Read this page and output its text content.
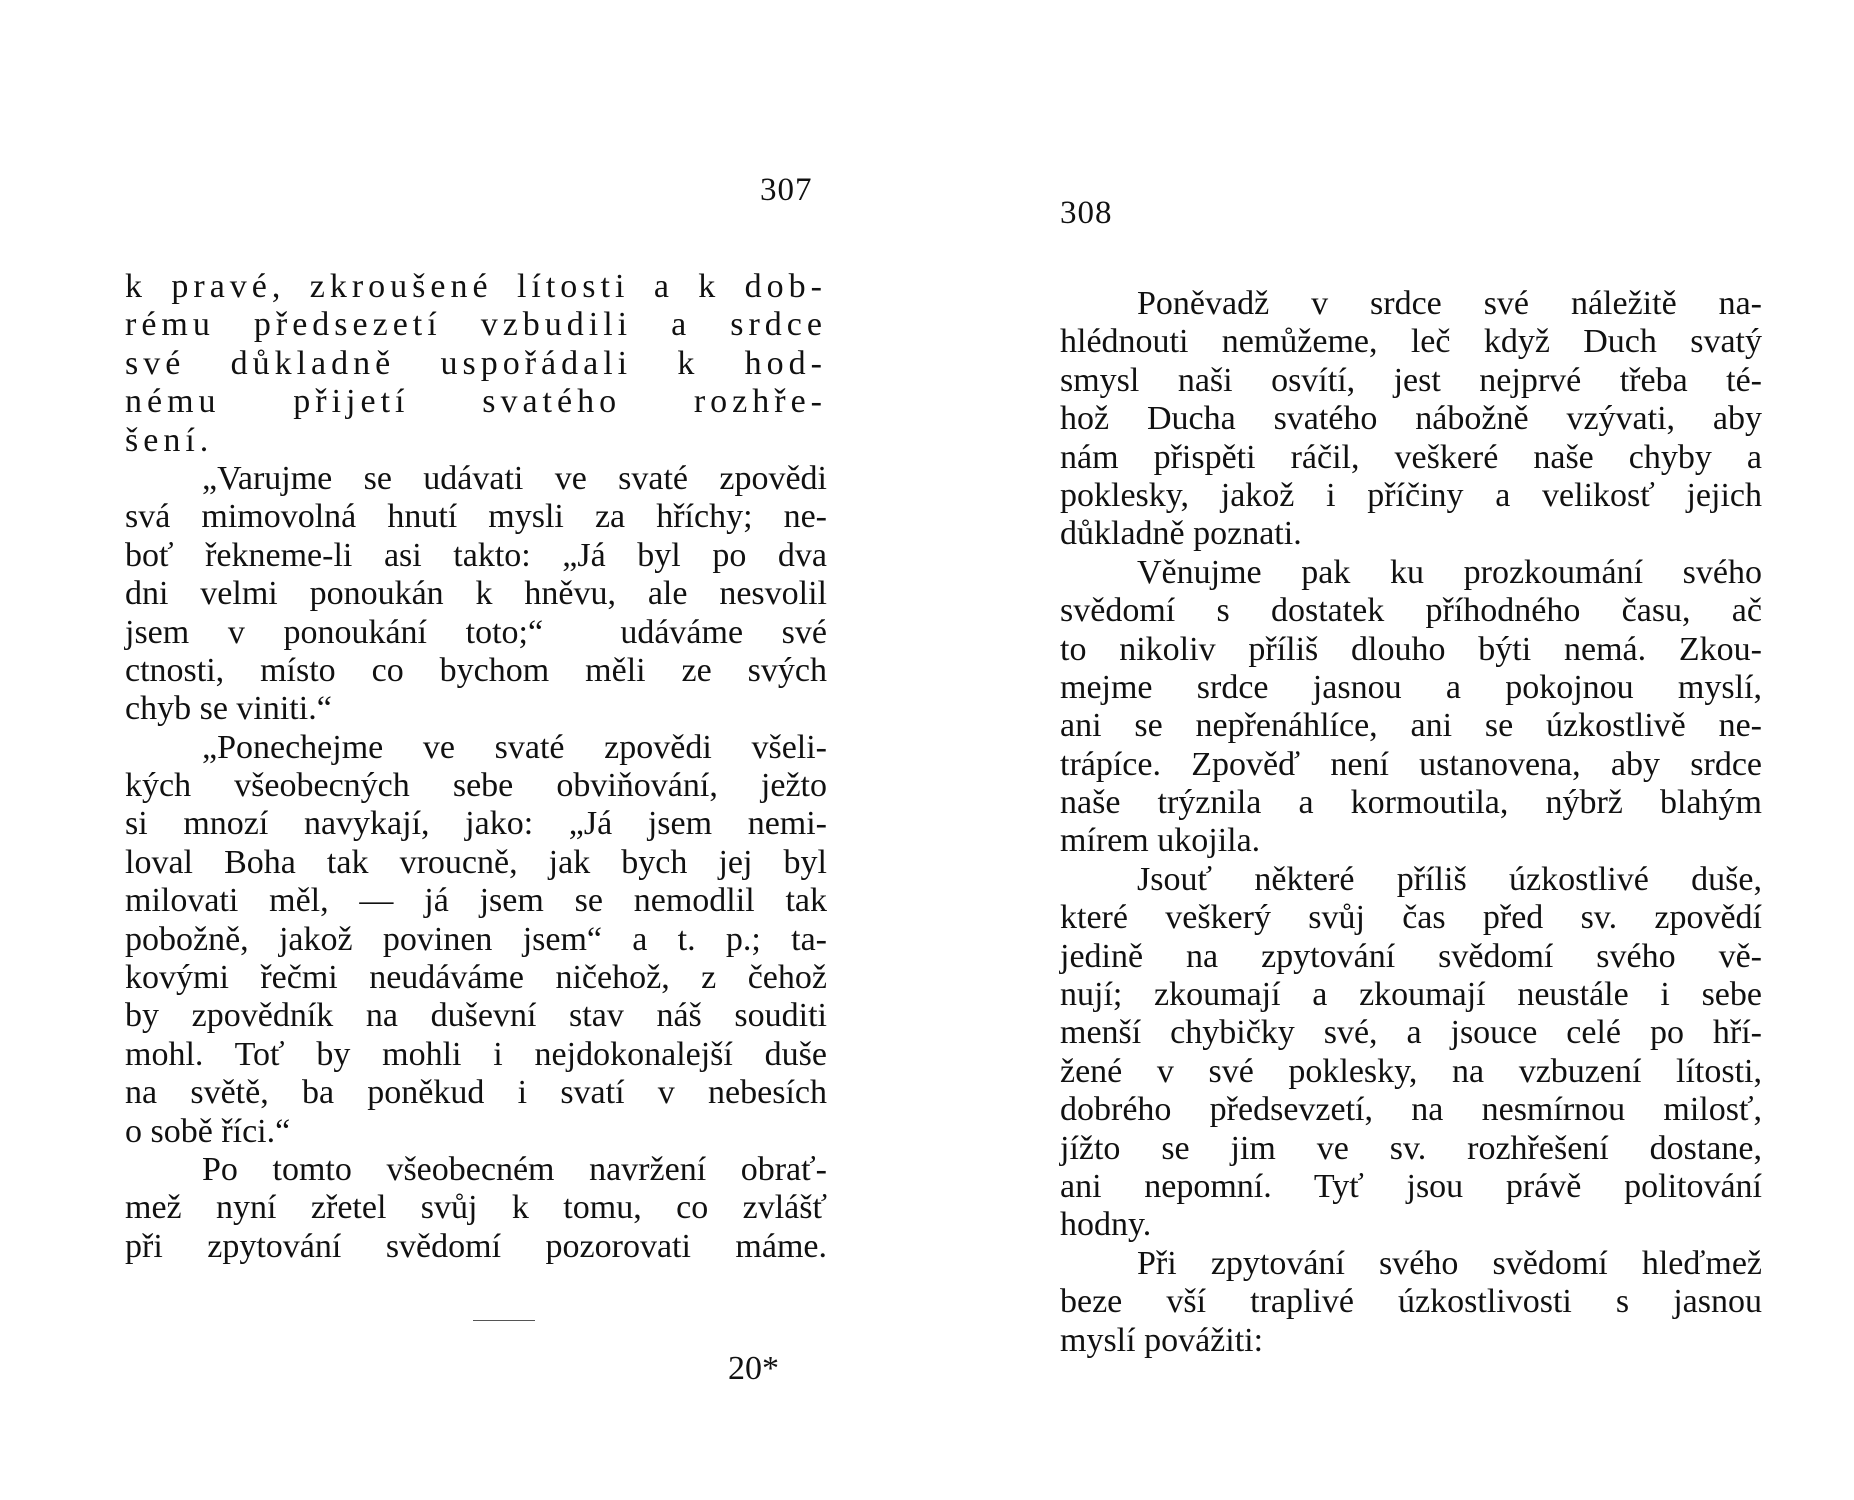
307
k pravé, zkroušené lítosti a k dob-
rému předsezetí vzbudili a srdce
své důkladně uspořádali k hod-
nému přijetí svatého rozhře-
šení.
„Varujme se udávati ve svaté zpovědi
svá mimovolná hnutí mysli za hříchy; ne-
boť řekneme-li asi takto: „Já byl po dva
dni velmi ponoukán k hněvu, ale nesvolil
jsem v ponoukání toto;“  udáváme své
ctnosti, místo co bychom měli ze svých
chyb se viniti.“
„Ponechejme ve svaté zpovědi všeli-
kých všeobecných sebe obviňování, ježto
si mnozí navykají, jako: „Já jsem nemi-
loval Boha tak vroucně, jak bych jej byl
milovati měl, — já jsem se nemodlil tak
pobožně, jakož povinen jsem“ a t. p.; ta-
kovými řečmi neudáváme ničehož, z čehož
by zpovědník na duševní stav náš souditi
mohl. Toť by mohli i nejdokonalejší duše
na světě, ba poněkud i svatí v nebesích
o sobě říci.“
Po tomto všeobecném navržení obrať-
mež nyní zřetel svůj k tomu, co zvlášť
při zpytování svědomí pozorovati máme.
20*
308
Poněvadž v srdce své náležitě na-
hlédnouti nemůžeme, leč když Duch svatý
smysl naši osvítí, jest nejprvé třeba té-
hož Ducha svatého nábožně vzývati, aby
nám přispěti ráčil, veškeré naše chyby a
poklesky, jakož i příčiny a velikosť jejich
důkladně poznati.
Věnujme pak ku prozkoumání svého
svědomí s dostatek příhodného času, ač
to nikoliv příliš dlouho býti nemá. Zkou-
mejme srdce jasnou a pokojnou myslí,
ani se nepřenáhlíce, ani se úzkostlivě ne-
trápíce. Zpověď není ustanovena, aby srdce
naše trýznila a kormoutila, nýbrž blahým
mírem ukojila.
Jsouť některé příliš úzkostlivé duše,
které veškerý svůj čas před sv. zpovědí
jedině na zpytování svědomí svého vě-
nují; zkoumají a zkoumají neustále i sebe
menší chybičky své, a jsouce celé po hří-
žené v své poklesky, na vzbuzení lítosti,
dobrého předsevzetí, na nesmírnou milosť,
jížto se jim ve sv. rozhřešení dostane,
ani nepomní. Tyť jsou právě politování
hodny.
Při zpytování svého svědomí hleďmež
beze vší traplivé úzkostlivosti s jasnou
myslí povážiti:
